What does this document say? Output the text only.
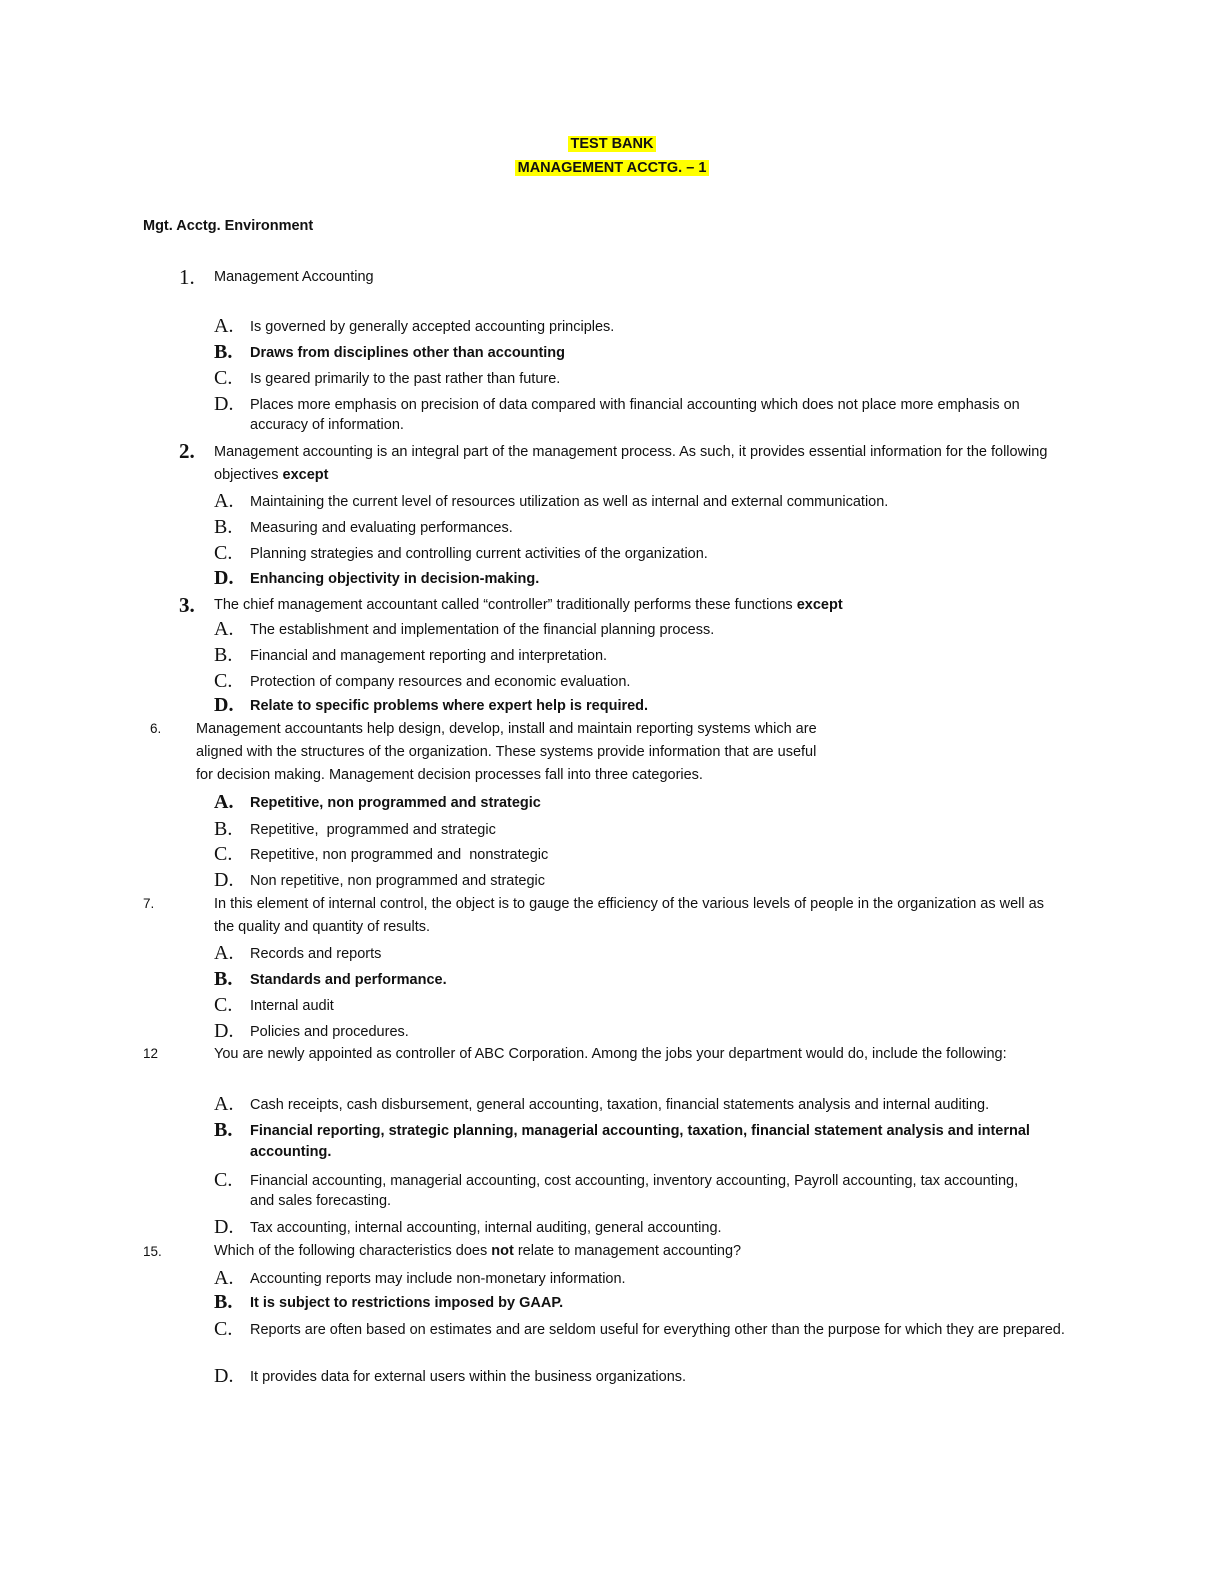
TEST BANK
MANAGEMENT ACCTG. – 1
Mgt. Acctg. Environment
1. Management Accounting
A. Is governed by generally accepted accounting principles.
B. Draws from disciplines other than accounting
C. Is geared primarily to the past rather than future.
D. Places more emphasis on precision of data compared with financial accounting which does not place more emphasis on accuracy of information.
2. Management accounting is an integral part of the management process. As such, it provides essential information for the following objectives except
A. Maintaining the current level of resources utilization as well as internal and external communication.
B. Measuring and evaluating performances.
C. Planning strategies and controlling current activities of the organization.
D. Enhancing objectivity in decision-making.
3. The chief management accountant called “controller” traditionally performs these functions except
A. The establishment and implementation of the financial planning process.
B. Financial and management reporting and interpretation.
C. Protection of company resources and economic evaluation.
D. Relate to specific problems where expert help is required.
6. Management accountants help design, develop, install and maintain reporting systems which are
aligned with the structures of the organization. These systems provide information that are useful
for decision making. Management decision processes fall into three categories.
A. Repetitive, non programmed and strategic
B. Repetitive,  programmed and strategic
C. Repetitive, non programmed and  nonstrategic
D. Non repetitive, non programmed and strategic
7.	In this element of internal control, the object is to gauge the efficiency of the various levels of people in the organization as well as the quality and quantity of results.
A. Records and reports
B. Standards and performance.
C. Internal audit
D. Policies and procedures.
12	You are newly appointed as controller of ABC Corporation. Among the jobs your department would do, include the following:
A. Cash receipts, cash disbursement, general accounting, taxation, financial statements analysis and internal auditing.
B. Financial reporting, strategic planning, managerial accounting, taxation, financial statement analysis and internal accounting.
C. Financial accounting, managerial accounting, cost accounting, inventory accounting, Payroll accounting, tax accounting, and sales forecasting.
D. Tax accounting, internal accounting, internal auditing, general accounting.
15.	Which of the following characteristics does not relate to management accounting?
A. Accounting reports may include non-monetary information.
B. It is subject to restrictions imposed by GAAP.
C. Reports are often based on estimates and are seldom useful for everything other than the purpose for which they are prepared.
D. It provides data for external users within the business organizations.
